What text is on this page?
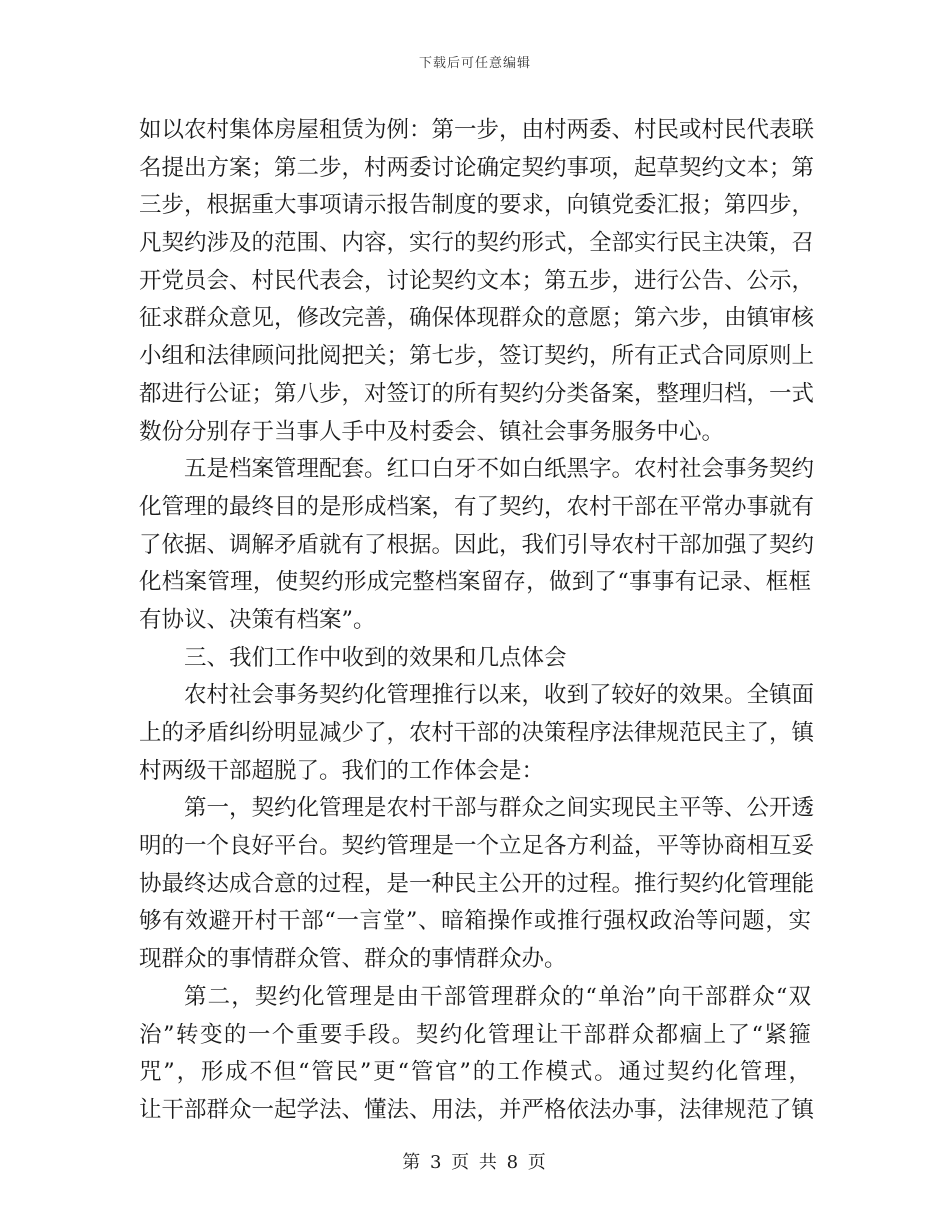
下载后可任意编辑
如以农村集体房屋租赁为例：第一步，由村两委、村民或村民代表联
名提出方案；第二步，村两委讨论确定契约事项，起草契约文本；第
三步，根据重大事项请示报告制度的要求，向镇党委汇报；第四步，
凡契约涉及的范围、内容，实行的契约形式，全部实行民主决策，召
开党员会、村民代表会，讨论契约文本；第五步，进行公告、公示，
征求群众意见，修改完善，确保体现群众的意愿；第六步，由镇审核
小组和法律顾问批阅把关；第七步，签订契约，所有正式合同原则上
都进行公证；第八步，对签订的所有契约分类备案，整理归档，一式
数份分别存于当事人手中及村委会、镇社会事务服务中心。
五是档案管理配套。红口白牙不如白纸黑字。农村社会事务契约
化管理的最终目的是形成档案，有了契约，农村干部在平常办事就有
了依据、调解矛盾就有了根据。因此，我们引导农村干部加强了契约
化档案管理，使契约形成完整档案留存，做到了“事事有记录、框框
有协议、决策有档案”。
三、我们工作中收到的效果和几点体会
农村社会事务契约化管理推行以来，收到了较好的效果。全镇面
上的矛盾纠纷明显减少了，农村干部的决策程序法律规范民主了，镇
村两级干部超脱了。我们的工作体会是：
第一，契约化管理是农村干部与群众之间实现民主平等、公开透
明的一个良好平台。契约管理是一个立足各方利益，平等协商相互妥
协最终达成合意的过程，是一种民主公开的过程。推行契约化管理能
够有效避开村干部“一言堂”、暗箱操作或推行强权政治等问题，实
现群众的事情群众管、群众的事情群众办。
第二，契约化管理是由干部管理群众的“单治”向干部群众“双
治”转变的一个重要手段。契约化管理让干部群众都痼上了“紧箍
咒”，形成不但“管民”更“管官”的工作模式。通过契约化管理，
让干部群众一起学法、懂法、用法，并严格依法办事，法律规范了镇
第 3 页 共 8 页
